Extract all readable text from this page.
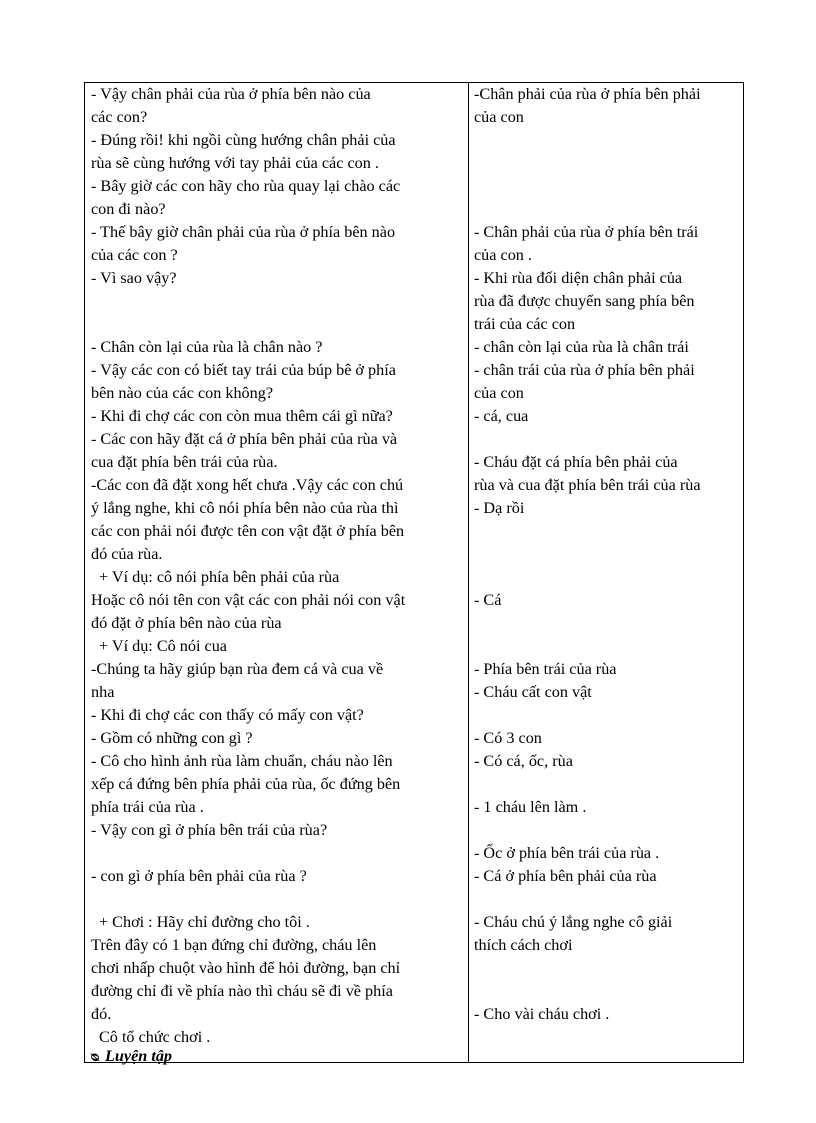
- Vậy chân phải của rùa ở phía bên nào của
các con?
- Đúng rồi! khi ngồi cùng hướng chân phải của
rùa sẽ cùng hướng với tay phải của các con .
- Bây giờ các con hãy cho rùa quay lại chào các
con đi nào?
- Thế bây giờ chân phải của rùa ở phía bên nào
của các con ?
- Vì sao vậy?
- Chân còn lại của rùa là chân nào ?
- Vậy các con có biết tay trái của búp bê ở phía
bên nào của các con không?
- Khi đi chợ các con còn mua thêm cái gì nữa?
- Các con hãy đặt cá ở phía bên phải của rùa và
cua đặt phía bên trái của rùa.
-Các con đã đặt xong hết chưa .Vậy các con chú
ý lắng nghe, khi cô nói phía bên nào của rùa thì
các con phải nói được tên con vật đặt ở phía bên
đó của rùa.
+ Ví dụ: cô nói phía bên phải của rùa
Hoặc cô nói tên con vật các con phải nói con vật
đó đặt ở phía bên nào của rùa
+ Ví dụ: Cô nói cua
-Chúng ta hãy giúp bạn rùa đem cá và cua về
nha
- Khi đi chợ các con thấy có mấy con vật?
- Gồm có những con gì ?
- Cô cho hình ảnh rùa làm chuẩn, cháu nào lên
xếp cá đứng bên phía phải của rùa, ốc đứng bên
phía trái của rùa .
- Vậy con gì ở phía bên trái của rùa?
- con gì ở phía bên phải của rùa ?
+ Chơi : Hãy chỉ đường cho tôi .
Trên đây có 1 bạn đứng chỉ đường, cháu lên
chơi nhấp chuột vào hình để hỏi đường, bạn chỉ
đường chỉ đi về phía nào thì cháu sẽ đi về phía
đó.
Cô tổ chức chơi .
ᴓ Luyện tập
-Chân phải của rùa ở phía bên phải
của con
- Chân phải của rùa ở phía bên trái
của con .
- Khi rùa đối diện chân phải của
rùa đã được chuyển sang phía bên
trái của các con
- chân còn lại của rùa là chân trái
- chân trái của rùa ở phía bên phải
của con
- cá, cua
- Cháu đặt cá phía bên phải của
rùa và cua đặt phía bên trái của rùa
- Dạ rồi
- Cá
- Phía bên trái của rùa
- Cháu cất con vật
- Có 3 con
- Có cá, ốc, rùa
- 1 cháu lên làm .
- Ốc ở phía bên trái của rùa .
- Cá ở phía bên phải của rùa
- Cháu chú ý lắng nghe cô giải
thích cách chơi
- Cho vài cháu chơi .
